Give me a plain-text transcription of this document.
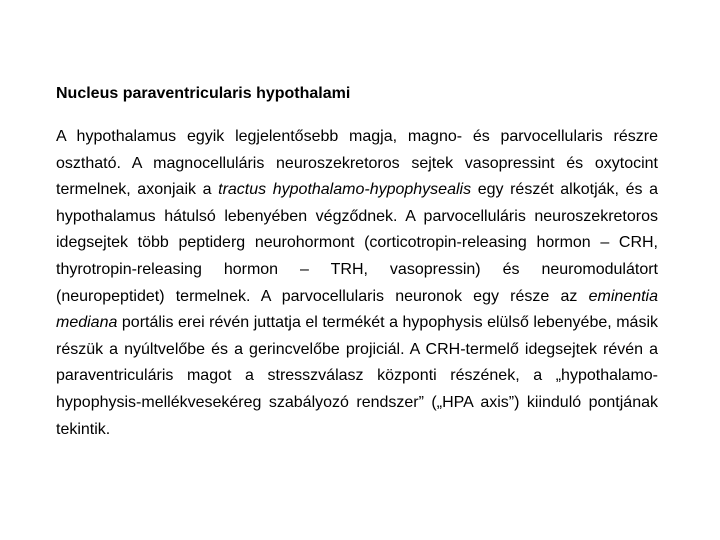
Nucleus paraventricularis hypothalami

A hypothalamus egyik legjelentősebb magja, magno- és parvocellularis részre osztható. A magnocelluláris neuroszekretoros sejtek vasopressint és oxytocint termelnek, axonjaik a tractus hypothalamo-hypophysealis egy részét alkotják, és a hypothalamus hátulsó lebenyében végződnek. A parvocelluláris neuroszekretoros idegsejtek több peptiderg neurohormont (corticotropin-releasing hormon – CRH, thyrotropin-releasing hormon – TRH, vasopressin) és neuromodulátort (neuropeptidet) termelnek. A parvocellularis neuronok egy része az eminentia mediana portális erei révén juttatja el termékét a hypophysis elülső lebenyébe, másik részük a nyúltvelőbe és a gerincvelőbe projiciál. A CRH-termelő idegsejtek révén a paraventriculáris magot a stresszválasz központi részének, a „hypothalamo-hypophysis-mellékvesekéreg szabályozó rendszer” („HPA axis”) kiinduló pontjának tekintik.
